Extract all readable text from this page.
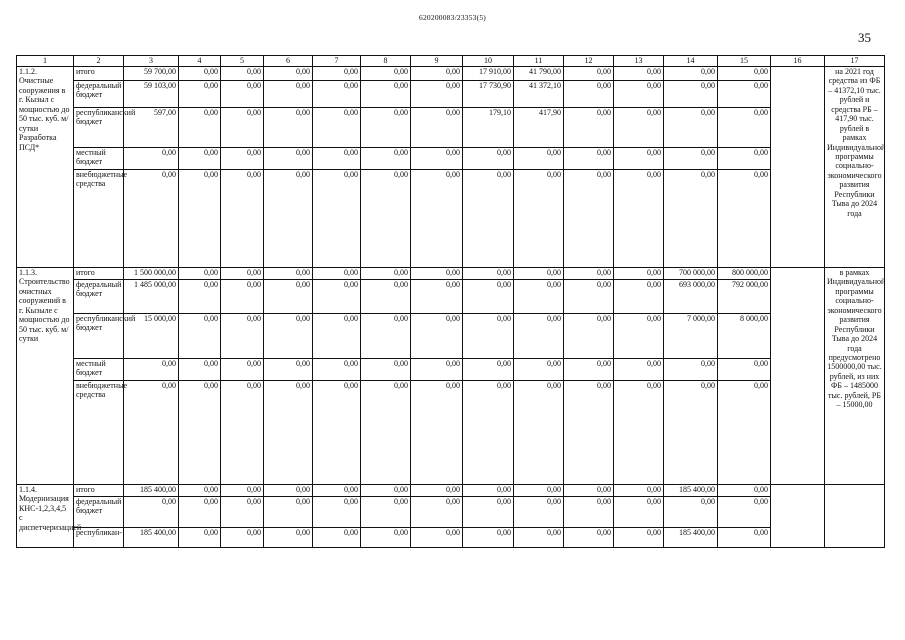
620200083/23353(5)
35
1	2	3	4	5	6	7	8	9	10	11	12	13	14	15	16	17
1.1.2. Очистные сооружения в г. Кызыл с мощностью до 50 тыс. куб. м/ сутки Разработка ПСД*	итого	59 700,00	0,00	0,00	0,00	0,00	0,00	0,00	17 910,00	41 790,00	0,00	0,00	0,00	0,00		на 2021 год средства из ФБ – 41372,10 тыс. рублей и средства РБ – 417,90 тыс. рублей в рамках Индивидуальной программы социально-экономического развития Республики Тыва до 2024 года
	федеральный бюджет	59 103,00	0,00	0,00	0,00	0,00	0,00	0,00	17 730,90	41 372,10	0,00	0,00	0,00	0,00		
	республиканский бюджет	597,00	0,00	0,00	0,00	0,00	0,00	0,00	179,10	417,90	0,00	0,00	0,00	0,00		
	местный бюджет	0,00	0,00	0,00	0,00	0,00	0,00	0,00	0,00	0,00	0,00	0,00	0,00	0,00		
	внебюджетные средства	0,00	0,00	0,00	0,00	0,00	0,00	0,00	0,00	0,00	0,00	0,00	0,00	0,00		
1.1.3. Строительство очистных сооружений в г. Кызыле с мощностью до 50 тыс. куб. м/ сутки	итого	1 500 000,00	0,00	0,00	0,00	0,00	0,00	0,00	0,00	0,00	0,00	0,00	700 000,00	800 000,00		в рамках Индивидуальной программы социально-экономического развития Республики Тыва до 2024 года предусмотрено 1500000,00 тыс. рублей, из них ФБ – 1485000 тыс. рублей, РБ – 15000,00
	федеральный бюджет	1 485 000,00	0,00	0,00	0,00	0,00	0,00	0,00	0,00	0,00	0,00	0,00	693 000,00	792 000,00		
	республиканский бюджет	15 000,00	0,00	0,00	0,00	0,00	0,00	0,00	0,00	0,00	0,00	0,00	7 000,00	8 000,00		
	местный бюджет	0,00	0,00	0,00	0,00	0,00	0,00	0,00	0,00	0,00	0,00	0,00	0,00	0,00		
	внебюджетные средства	0,00	0,00	0,00	0,00	0,00	0,00	0,00	0,00	0,00	0,00	0,00	0,00	0,00		
1.1.4. Модернизация КНС-1,2,3,4,5 с диспетчеризацией	итого	185 400,00	0,00	0,00	0,00	0,00	0,00	0,00	0,00	0,00	0,00	0,00	185 400,00	0,00		
	федеральный бюджет	0,00	0,00	0,00	0,00	0,00	0,00	0,00	0,00	0,00	0,00	0,00	0,00	0,00		
	республикан-	185 400,00	0,00	0,00	0,00	0,00	0,00	0,00	0,00	0,00	0,00	0,00	185 400,00	0,00		
